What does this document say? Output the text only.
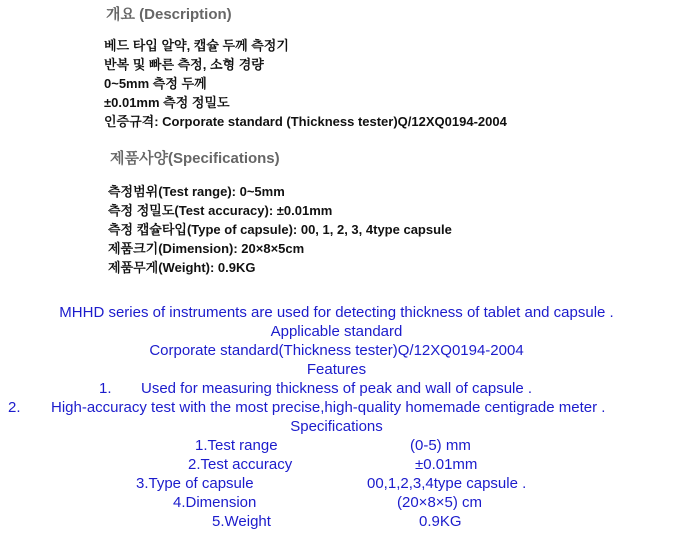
개요 (Description)
베드 타입 알약, 캡슐 두께 측정기
반복 및 빠른 측정, 소형 경량
0~5mm 측정 두께
±0.01mm 측정 정밀도
인증규격: Corporate standard (Thickness tester)Q/12XQ0194-2004
제품사양(Specifications)
측정범위(Test range): 0~5mm
측정 정밀도(Test accuracy): ±0.01mm
측정 캡슐타입(Type of capsule): 00, 1, 2, 3, 4type capsule
제품크기(Dimension): 20×8×5cm
제품무게(Weight): 0.9KG
MHHD series of instruments are used for detecting thickness of tablet and capsule .
Applicable standard
Corporate standard(Thickness tester)Q/12XQ0194-2004
Features
1. Used for measuring thickness of peak and wall of capsule .
2. High-accuracy test with the most precise,high-quality homemade centigrade meter .
Specifications
1.Test range	(0-5) mm
2.Test accuracy	±0.01mm
3.Type of capsule	00,1,2,3,4type capsule .
4.Dimension	(20×8×5) cm
5.Weight	0.9KG
